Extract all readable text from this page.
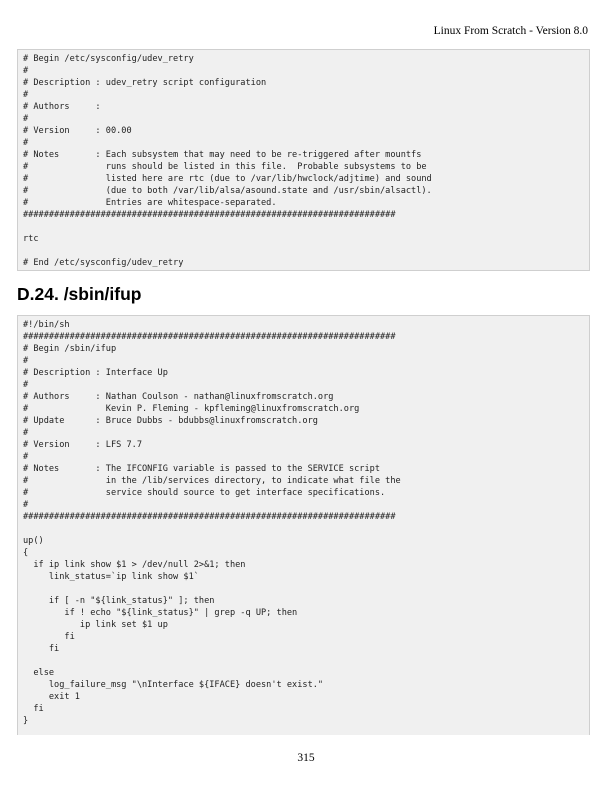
Linux From Scratch - Version 8.0
# Begin /etc/sysconfig/udev_retry
#
# Description : udev_retry script configuration
#
# Authors     :
#
# Version     : 00.00
#
# Notes       : Each subsystem that may need to be re-triggered after mountfs
#               runs should be listed in this file.  Probable subsystems to be
#               listed here are rtc (due to /var/lib/hwclock/adjtime) and sound
#               (due to both /var/lib/alsa/asound.state and /usr/sbin/alsactl).
#               Entries are whitespace-separated.
########################################################################

rtc

# End /etc/sysconfig/udev_retry
D.24. /sbin/ifup
#!/bin/sh
########################################################################
# Begin /sbin/ifup
#
# Description : Interface Up
#
# Authors     : Nathan Coulson - nathan@linuxfromscratch.org
#               Kevin P. Fleming - kpfleming@linuxfromscratch.org
# Update      : Bruce Dubbs - bdubbs@linuxfromscratch.org
#
# Version     : LFS 7.7
#
# Notes       : The IFCONFIG variable is passed to the SERVICE script
#               in the /lib/services directory, to indicate what file the
#               service should source to get interface specifications.
#
########################################################################

up()
{
if ip link show $1 > /dev/null 2>&1; then
link_status=`ip link show $1`

if [ -n "${link_status}" ]; then
if ! echo "${link_status}" | grep -q UP; then
ip link set $1 up
fi
fi

else
log_failure_msg "\nInterface ${IFACE} doesn't exist."
exit 1
fi
}
315
